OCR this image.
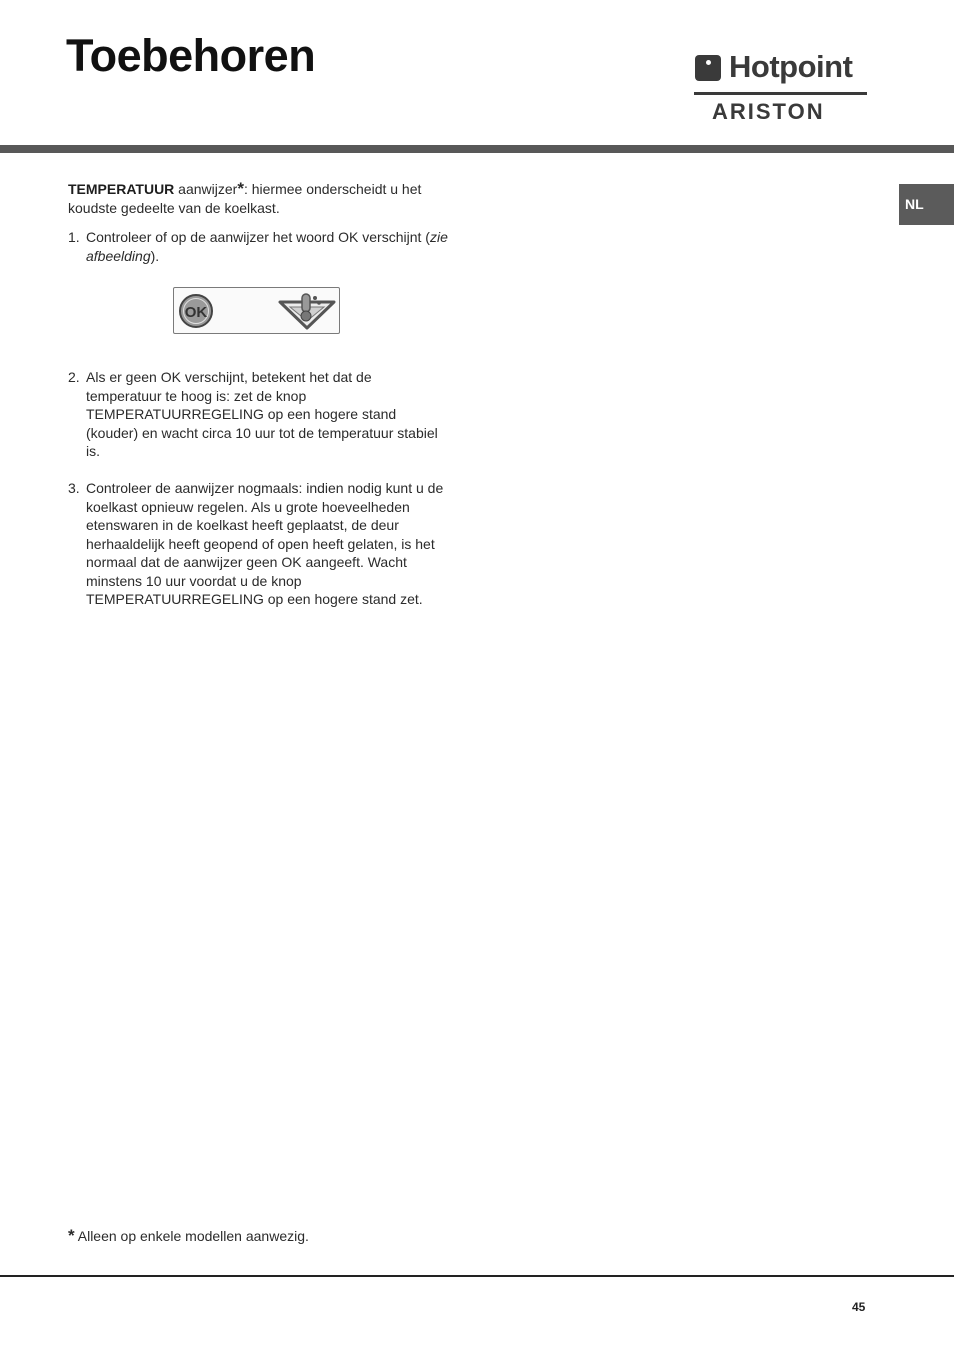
Toebehoren	Hotpoint
ARISTON
NL

TEMPERATUUR aanwijzer*: hiermee onderscheidt u het koudste gedeelte van de koelkast.

1. Controleer of op de aanwijzer het woord OK verschijnt (zie afbeelding).
OK
2. Als er geen OK verschijnt, betekent het dat de temperatuur te hoog is: zet de knop TEMPERATUURREGELING op een hogere stand (kouder) en wacht circa 10 uur tot de temperatuur stabiel is.
3. Controleer de aanwijzer nogmaals: indien nodig kunt u de koelkast opnieuw regelen. Als u grote hoeveelheden etenswaren in de koelkast heeft geplaatst, de deur herhaaldelijk heeft geopend of open heeft gelaten, is het normaal dat de aanwijzer geen OK aangeeft. Wacht minstens 10 uur voordat u de knop TEMPERATUURREGELING op een hogere stand zet.
* Alleen op enkele modellen aanwezig.
45
